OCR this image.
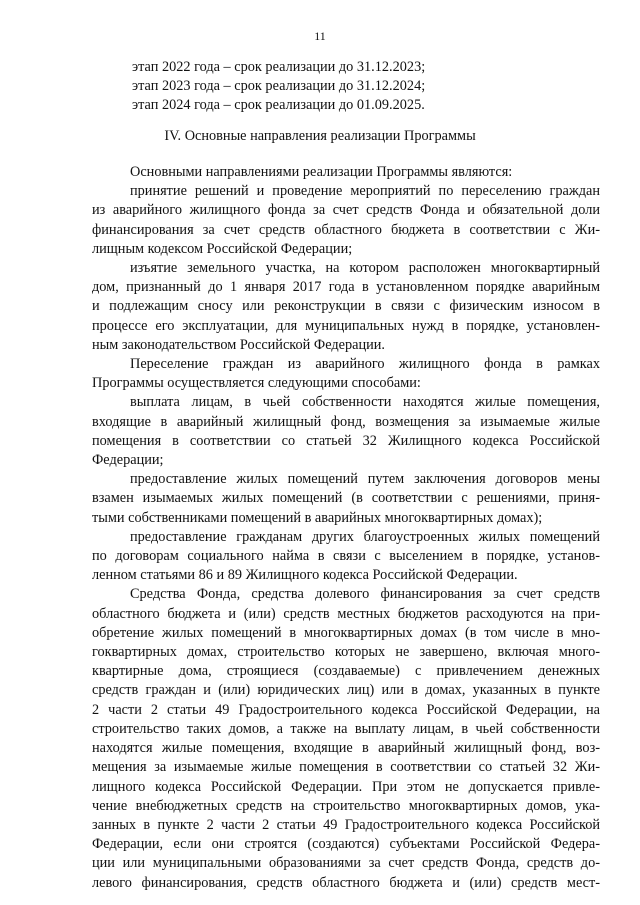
11
этап 2022 года – срок реализации до 31.12.2023;
этап 2023 года – срок реализации до 31.12.2024;
этап 2024 года – срок реализации до 01.09.2025.
IV. Основные направления реализации Программы
Основными направлениями реализации Программы являются:
принятие решений и проведение мероприятий по переселению граждан
из аварийного жилищного фонда за счет средств Фонда и обязательной доли
финансирования за счет средств областного бюджета в соответствии с Жи-
лищным кодексом Российской Федерации;
изъятие земельного участка, на котором расположен многоквартирный
дом, признанный до 1 января 2017 года в установленном порядке аварийным
и подлежащим сносу или реконструкции в связи с физическим износом в
процессе его эксплуатации, для муниципальных нужд в порядке, установлен-
ным законодательством Российской Федерации.
Переселение граждан из аварийного жилищного фонда в рамках
Программы осуществляется следующими способами:
выплата лицам, в чьей собственности находятся жилые помещения,
входящие в аварийный жилищный фонд, возмещения за изымаемые жилые
помещения в соответствии со статьей 32 Жилищного кодекса Российской
Федерации;
предоставление жилых помещений путем заключения договоров мены
взамен изымаемых жилых помещений (в соответствии с решениями, приня-
тыми собственниками помещений в аварийных многоквартирных домах);
предоставление гражданам других благоустроенных жилых помещений
по договорам социального найма в связи с выселением в порядке, установ-
ленном статьями 86 и 89 Жилищного кодекса Российской Федерации.
Средства Фонда, средства долевого финансирования за счет средств
областного бюджета и (или) средств местных бюджетов расходуются на при-
обретение жилых помещений в многоквартирных домах (в том числе в мно-
гоквартирных домах, строительство которых не завершено, включая много-
квартирные дома, строящиеся (создаваемые) с привлечением денежных
средств граждан и (или) юридических лиц) или в домах, указанных в пункте
2 части 2 статьи 49 Градостроительного кодекса Российской Федерации, на
строительство таких домов, а также на выплату лицам, в чьей собственности
находятся жилые помещения, входящие в аварийный жилищный фонд, воз-
мещения за изымаемые жилые помещения в соответствии со статьей 32 Жи-
лищного кодекса Российской Федерации. При этом не допускается привле-
чение внебюджетных средств на строительство многоквартирных домов, ука-
занных в пункте 2 части 2 статьи 49 Градостроительного кодекса Российской
Федерации, если они строятся (создаются) субъектами Российской Федера-
ции или муниципальными образованиями за счет средств Фонда, средств до-
левого финансирования, средств областного бюджета и (или) средств мест-
